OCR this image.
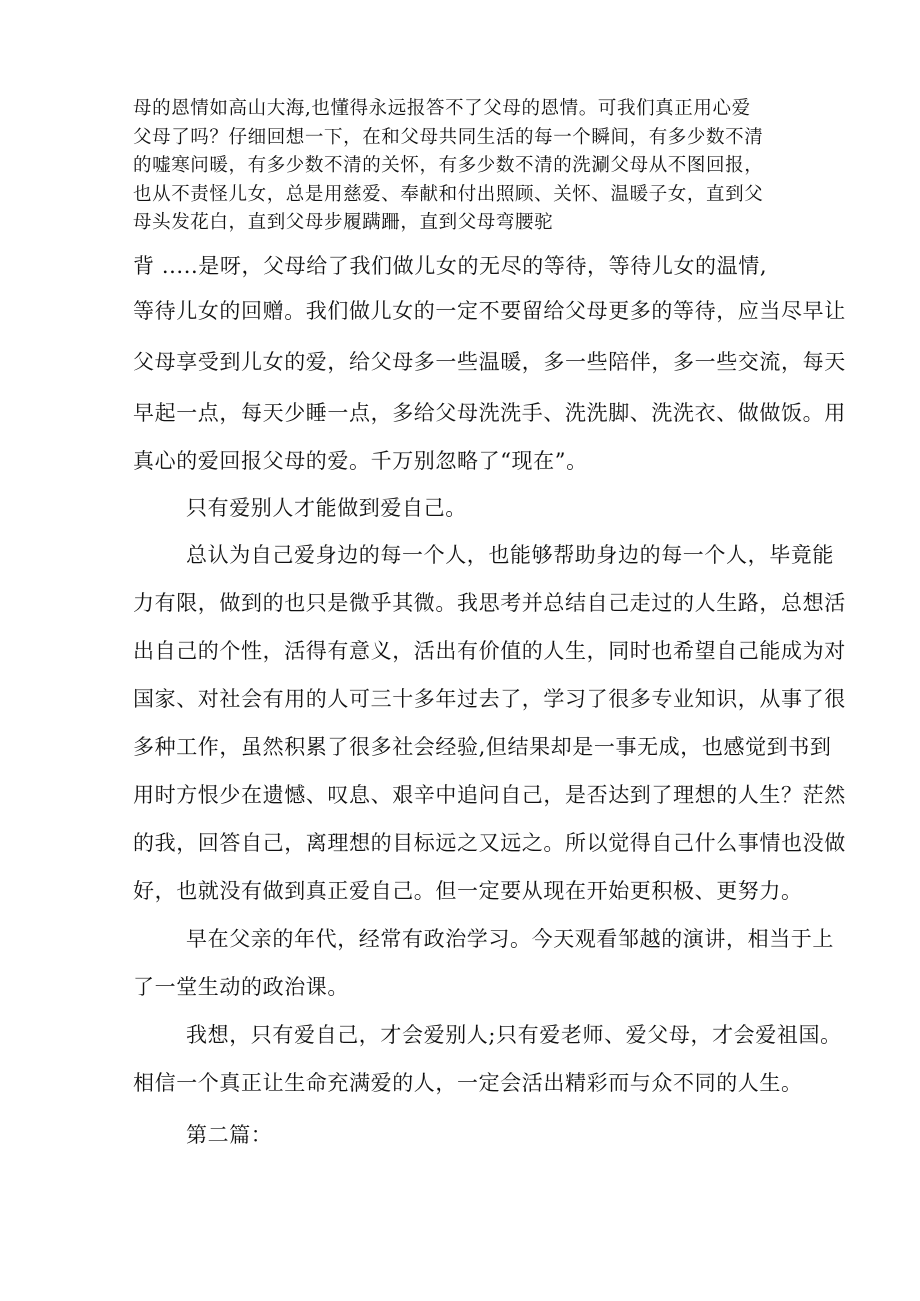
母的恩情如高山大海,也懂得永远报答不了父母的恩情。可我们真正用心爱
父母了吗？仔细回想一下，在和父母共同生活的每一个瞬间，有多少数不清
的嘘寒问暖，有多少数不清的关怀，有多少数不清的洗涮父母从不图回报，
也从不责怪儿女，总是用慈爱、奉献和付出照顾、关怀、温暖子女，直到父
母头发花白，直到父母步履蹒跚，直到父母弯腰驼
背 .....是呀，父母给了我们做儿女的无尽的等待，等待儿女的温情,
等待儿女的回赠。我们做儿女的一定不要留给父母更多的等待，应当尽早让
父母享受到儿女的爱，给父母多一些温暖，多一些陪伴，多一些交流，每天
早起一点，每天少睡一点，多给父母洗洗手、洗洗脚、洗洗衣、做做饭。用
真心的爱回报父母的爱。千万别忽略了“现在”。
只有爱别人才能做到爱自己。
总认为自己爱身边的每一个人，也能够帮助身边的每一个人，毕竟能
力有限，做到的也只是微乎其微。我思考并总结自己走过的人生路，总想活
出自己的个性，活得有意义，活出有价值的人生，同时也希望自己能成为对
国家、对社会有用的人可三十多年过去了，学习了很多专业知识，从事了很
多种工作，虽然积累了很多社会经验,但结果却是一事无成，也感觉到书到
用时方恨少在遗憾、叹息、艰辛中追问自己，是否达到了理想的人生？茫然
的我，回答自己，离理想的目标远之又远之。所以觉得自己什么事情也没做
好，也就没有做到真正爱自己。但一定要从现在开始更积极、更努力。
早在父亲的年代，经常有政治学习。今天观看邹越的演讲，相当于上
了一堂生动的政治课。
我想，只有爱自己，才会爱别人;只有爱老师、爱父母，才会爱祖国。
相信一个真正让生命充满爱的人，一定会活出精彩而与众不同的人生。
第二篇：
